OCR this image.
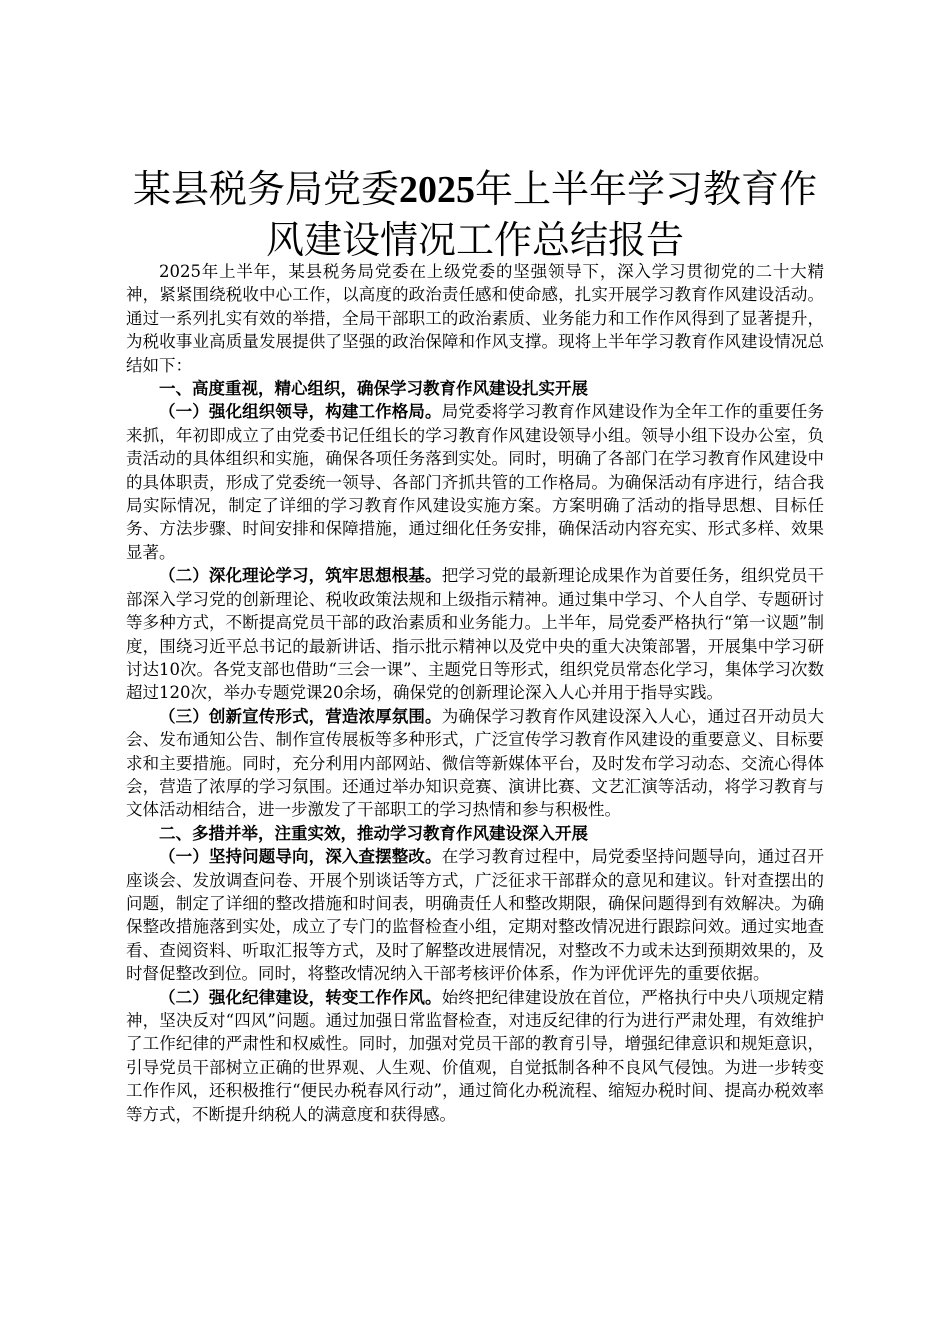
某县税务局党委2025年上半年学习教育作风建设情况工作总结报告

2025年上半年，某县税务局党委在上级党委的坚强领导下，深入学习贯彻党的二十大精神，紧紧围绕税收中心工作，以高度的政治责任感和使命感，扎实开展学习教育作风建设活动。通过一系列扎实有效的举措，全局干部职工的政治素质、业务能力和工作作风得到了显著提升，为税收事业高质量发展提供了坚强的政治保障和作风支撑。现将上半年学习教育作风建设情况总结如下：

一、高度重视，精心组织，确保学习教育作风建设扎实开展

（一）强化组织领导，构建工作格局。局党委将学习教育作风建设作为全年工作的重要任务来抓，年初即成立了由党委书记任组长的学习教育作风建设领导小组。领导小组下设办公室，负责活动的具体组织和实施，确保各项任务落到实处。同时，明确了各部门在学习教育作风建设中的具体职责，形成了党委统一领导、各部门齐抓共管的工作格局。为确保活动有序进行，结合我局实际情况，制定了详细的学习教育作风建设实施方案。方案明确了活动的指导思想、目标任务、方法步骤、时间安排和保障措施，通过细化任务安排，确保活动内容充实、形式多样、效果显著。

（二）深化理论学习，筑牢思想根基。把学习党的最新理论成果作为首要任务，组织党员干部深入学习党的创新理论、税收政策法规和上级指示精神。通过集中学习、个人自学、专题研讨等多种方式，不断提高党员干部的政治素质和业务能力。上半年，局党委严格执行“第一议题”制度，围绕习近平总书记的最新讲话、指示批示精神以及党中央的重大决策部署，开展集中学习研讨达10次。各党支部也借助“三会一课”、主题党日等形式，组织党员常态化学习，集体学习次数超过120次，举办专题党课20余场，确保党的创新理论深入人心并用于指导实践。

（三）创新宣传形式，营造浓厚氛围。为确保学习教育作风建设深入人心，通过召开动员大会、发布通知公告、制作宣传展板等多种形式，广泛宣传学习教育作风建设的重要意义、目标要求和主要措施。同时，充分利用内部网站、微信等新媒体平台，及时发布学习动态、交流心得体会，营造了浓厚的学习氛围。还通过举办知识竞赛、演讲比赛、文艺汇演等活动，将学习教育与文体活动相结合，进一步激发了干部职工的学习热情和参与积极性。

二、多措并举，注重实效，推动学习教育作风建设深入开展

（一）坚持问题导向，深入查摆整改。在学习教育过程中，局党委坚持问题导向，通过召开座谈会、发放调查问卷、开展个别谈话等方式，广泛征求干部群众的意见和建议。针对查摆出的问题，制定了详细的整改措施和时间表，明确责任人和整改期限，确保问题得到有效解决。为确保整改措施落到实处，成立了专门的监督检查小组，定期对整改情况进行跟踪问效。通过实地查看、查阅资料、听取汇报等方式，及时了解整改进展情况，对整改不力或未达到预期效果的，及时督促整改到位。同时，将整改情况纳入干部考核评价体系，作为评优评先的重要依据。

（二）强化纪律建设，转变工作作风。始终把纪律建设放在首位，严格执行中央八项规定精神，坚决反对“四风”问题。通过加强日常监督检查，对违反纪律的行为进行严肃处理，有效维护了工作纪律的严肃性和权威性。同时，加强对党员干部的教育引导，增强纪律意识和规矩意识，引导党员干部树立正确的世界观、人生观、价值观，自觉抵制各种不良风气侵蚀。为进一步转变工作作风，还积极推行“便民办税春风行动”，通过简化办税流程、缩短办税时间、提高办税效率等方式，不断提升纳税人的满意度和获得感。
